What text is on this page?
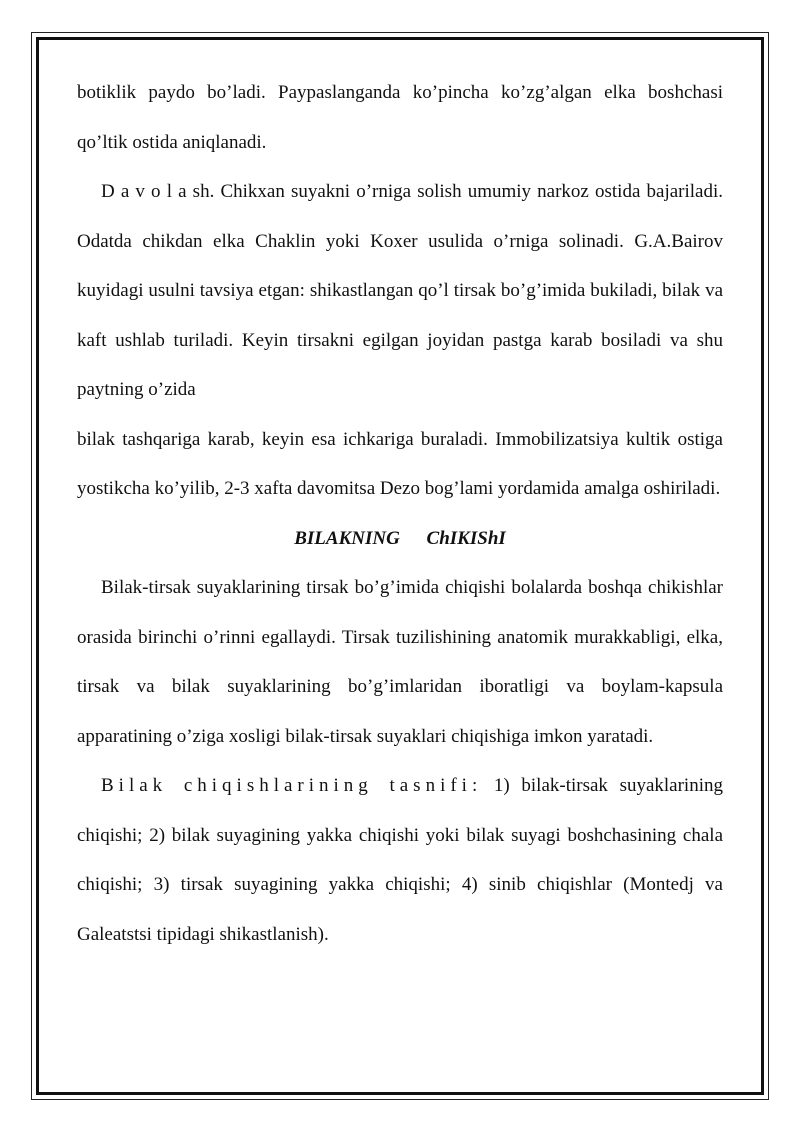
botiklik paydo bo’ladi. Paypaslanganda ko’pincha ko’zg’algan elka boshchasi qo’ltik ostida aniqlanadi.

D a v o l a sh. Chikxan suyakni o’rniga solish umumiy narkoz ostida bajariladi. Odatda chikdan elka Chaklin yoki Koxer usulida o’rniga solinadi. G.A.Bairov kuyidagi usulni tavsiya etgan: shikastlangan qo’l tirsak bo’g’imida bukiladi, bilak va kaft ushlab turiladi. Keyin tirsakni egilgan joyidan pastga karab bosiladi va shu paytning o’zida

bilak tashqariga karab, keyin esa ichkariga buraladi. Immobilizatsiya kultik ostiga yostikcha ko’yilib, 2-3 xafta davomitsa Dezo bog’lami yordamida amalga oshiriladi.

BILAKNING ChIKIShI

Bilak-tirsak suyaklarining tirsak bo’g’imida chiqishi bolalarda boshqa chikishlar orasida birinchi o’rinni egallaydi. Tirsak tuzilishining anatomik murakkabligi, elka, tirsak va bilak suyaklarining bo’g’imlaridan iboratligi va boylam-kapsula apparatining o’ziga xosligi bilak-tirsak suyaklari chiqishiga imkon yaratadi.

Bilak chiqishlarining tasnifi: 1) bilak-tirsak suyaklarining chiqishi; 2) bilak suyagining yakka chiqishi yoki bilak suyagi boshchasining chala chiqishi; 3) tirsak suyagining yakka chiqishi; 4) sinib chiqishlar (Montedj va Galeatstsi tipidagi shikastlanish).
